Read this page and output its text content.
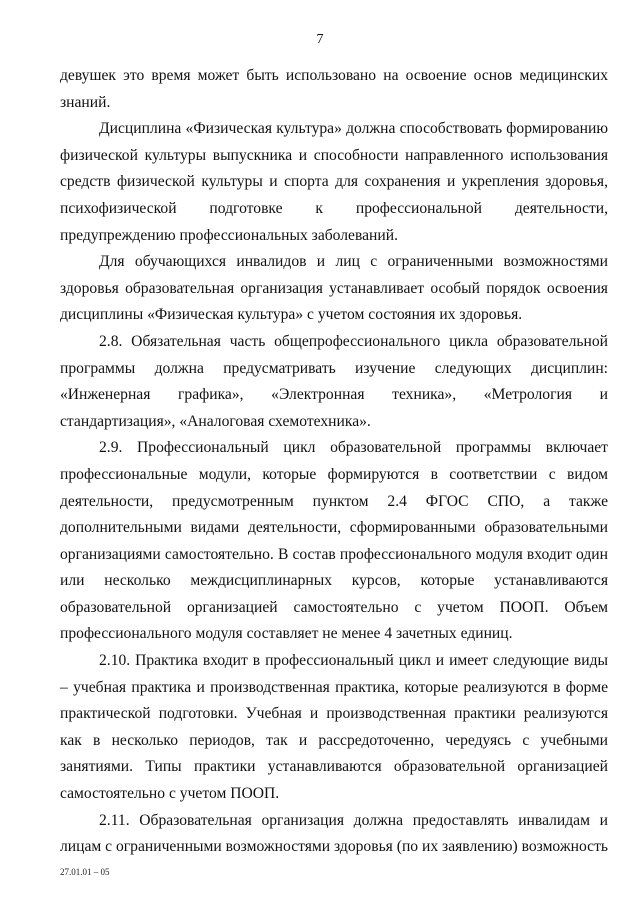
7

девушек это время может быть использовано на освоение основ медицинских знаний.

Дисциплина «Физическая культура» должна способствовать формированию физической культуры выпускника и способности направленного использования средств физической культуры и спорта для сохранения и укрепления здоровья, психофизической подготовке к профессиональной деятельности, предупреждению профессиональных заболеваний.

Для обучающихся инвалидов и лиц с ограниченными возможностями здоровья образовательная организация устанавливает особый порядок освоения дисциплины «Физическая культура» с учетом состояния их здоровья.

2.8. Обязательная часть общепрофессионального цикла образовательной программы должна предусматривать изучение следующих дисциплин: «Инженерная графика», «Электронная техника», «Метрология и стандартизация», «Аналоговая схемотехника».

2.9. Профессиональный цикл образовательной программы включает профессиональные модули, которые формируются в соответствии с видом деятельности, предусмотренным пунктом 2.4 ФГОС СПО, а также дополнительными видами деятельности, сформированными образовательными организациями самостоятельно. В состав профессионального модуля входит один или несколько междисциплинарных курсов, которые устанавливаются образовательной организацией самостоятельно с учетом ПООП. Объем профессионального модуля составляет не менее 4 зачетных единиц.

2.10. Практика входит в профессиональный цикл и имеет следующие виды – учебная практика и производственная практика, которые реализуются в форме практической подготовки. Учебная и производственная практики реализуются как в несколько периодов, так и рассредоточенно, чередуясь с учебными занятиями. Типы практики устанавливаются образовательной организацией самостоятельно с учетом ПООП.

2.11. Образовательная организация должна предоставлять инвалидам и лицам с ограниченными возможностями здоровья (по их заявлению) возможность

27.01.01 – 05
